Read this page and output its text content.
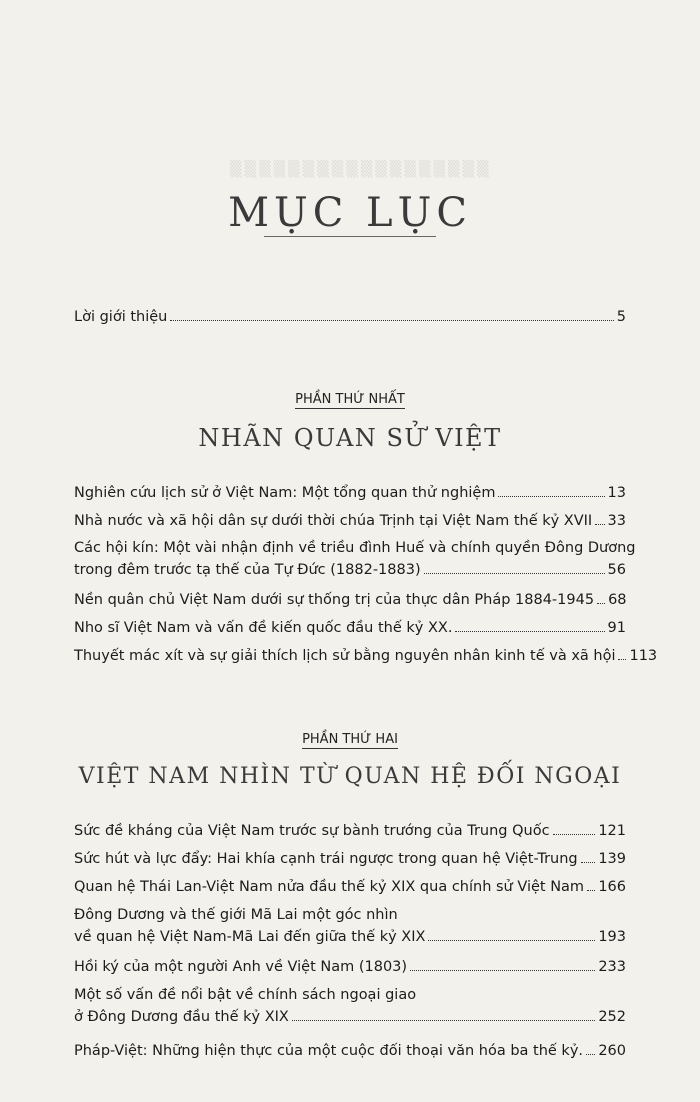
▒▒▒▒▒▒▒▒▒▒▒▒▒▒▒▒▒▒
MỤC LỤC
Lời giới thiệu	5
PHẦN THỨ NHẤT
NHÃN QUAN SỬ VIỆT
Nghiên cứu lịch sử ở Việt Nam: Một tổng quan thử nghiệm	13
Nhà nước và xã hội dân sự dưới thời chúa Trịnh tại Việt Nam thế kỷ XVII 33
Các hội kín: Một vài nhận định về triều đình Huế và chính quyền Đông Dương
trong đêm trước tạ thế của Tự Đức (1882-1883)	56
Nền quân chủ Việt Nam dưới sự thống trị của thực dân Pháp 1884-1945 68
Nho sĩ Việt Nam và vấn đề kiến quốc đầu thế kỷ XX.	91
Thuyết mác xít và sự giải thích lịch sử bằng nguyên nhân kinh tế và xã hội 113
PHẦN THỨ HAI
VIỆT NAM NHÌN TỪ QUAN HỆ ĐỐI NGOẠI
Sức đề kháng của Việt Nam trước sự bành trướng của Trung Quốc	121
Sức hút và lực đẩy: Hai khía cạnh trái ngược trong quan hệ Việt-Trung 139
Quan hệ Thái Lan-Việt Nam nửa đầu thế kỷ XIX qua chính sử Việt Nam 166
Đông Dương và thế giới Mã Lai một góc nhìn
về quan hệ Việt Nam-Mã Lai đến giữa thế kỷ XIX	193
Hồi ký của một người Anh về Việt Nam (1803)	233
Một số vấn đề nổi bật về chính sách ngoại giao
ở Đông Dương đầu thế kỷ XIX	252
Pháp-Việt: Những hiện thực của một cuộc đối thoại văn hóa ba thế kỷ. 260
